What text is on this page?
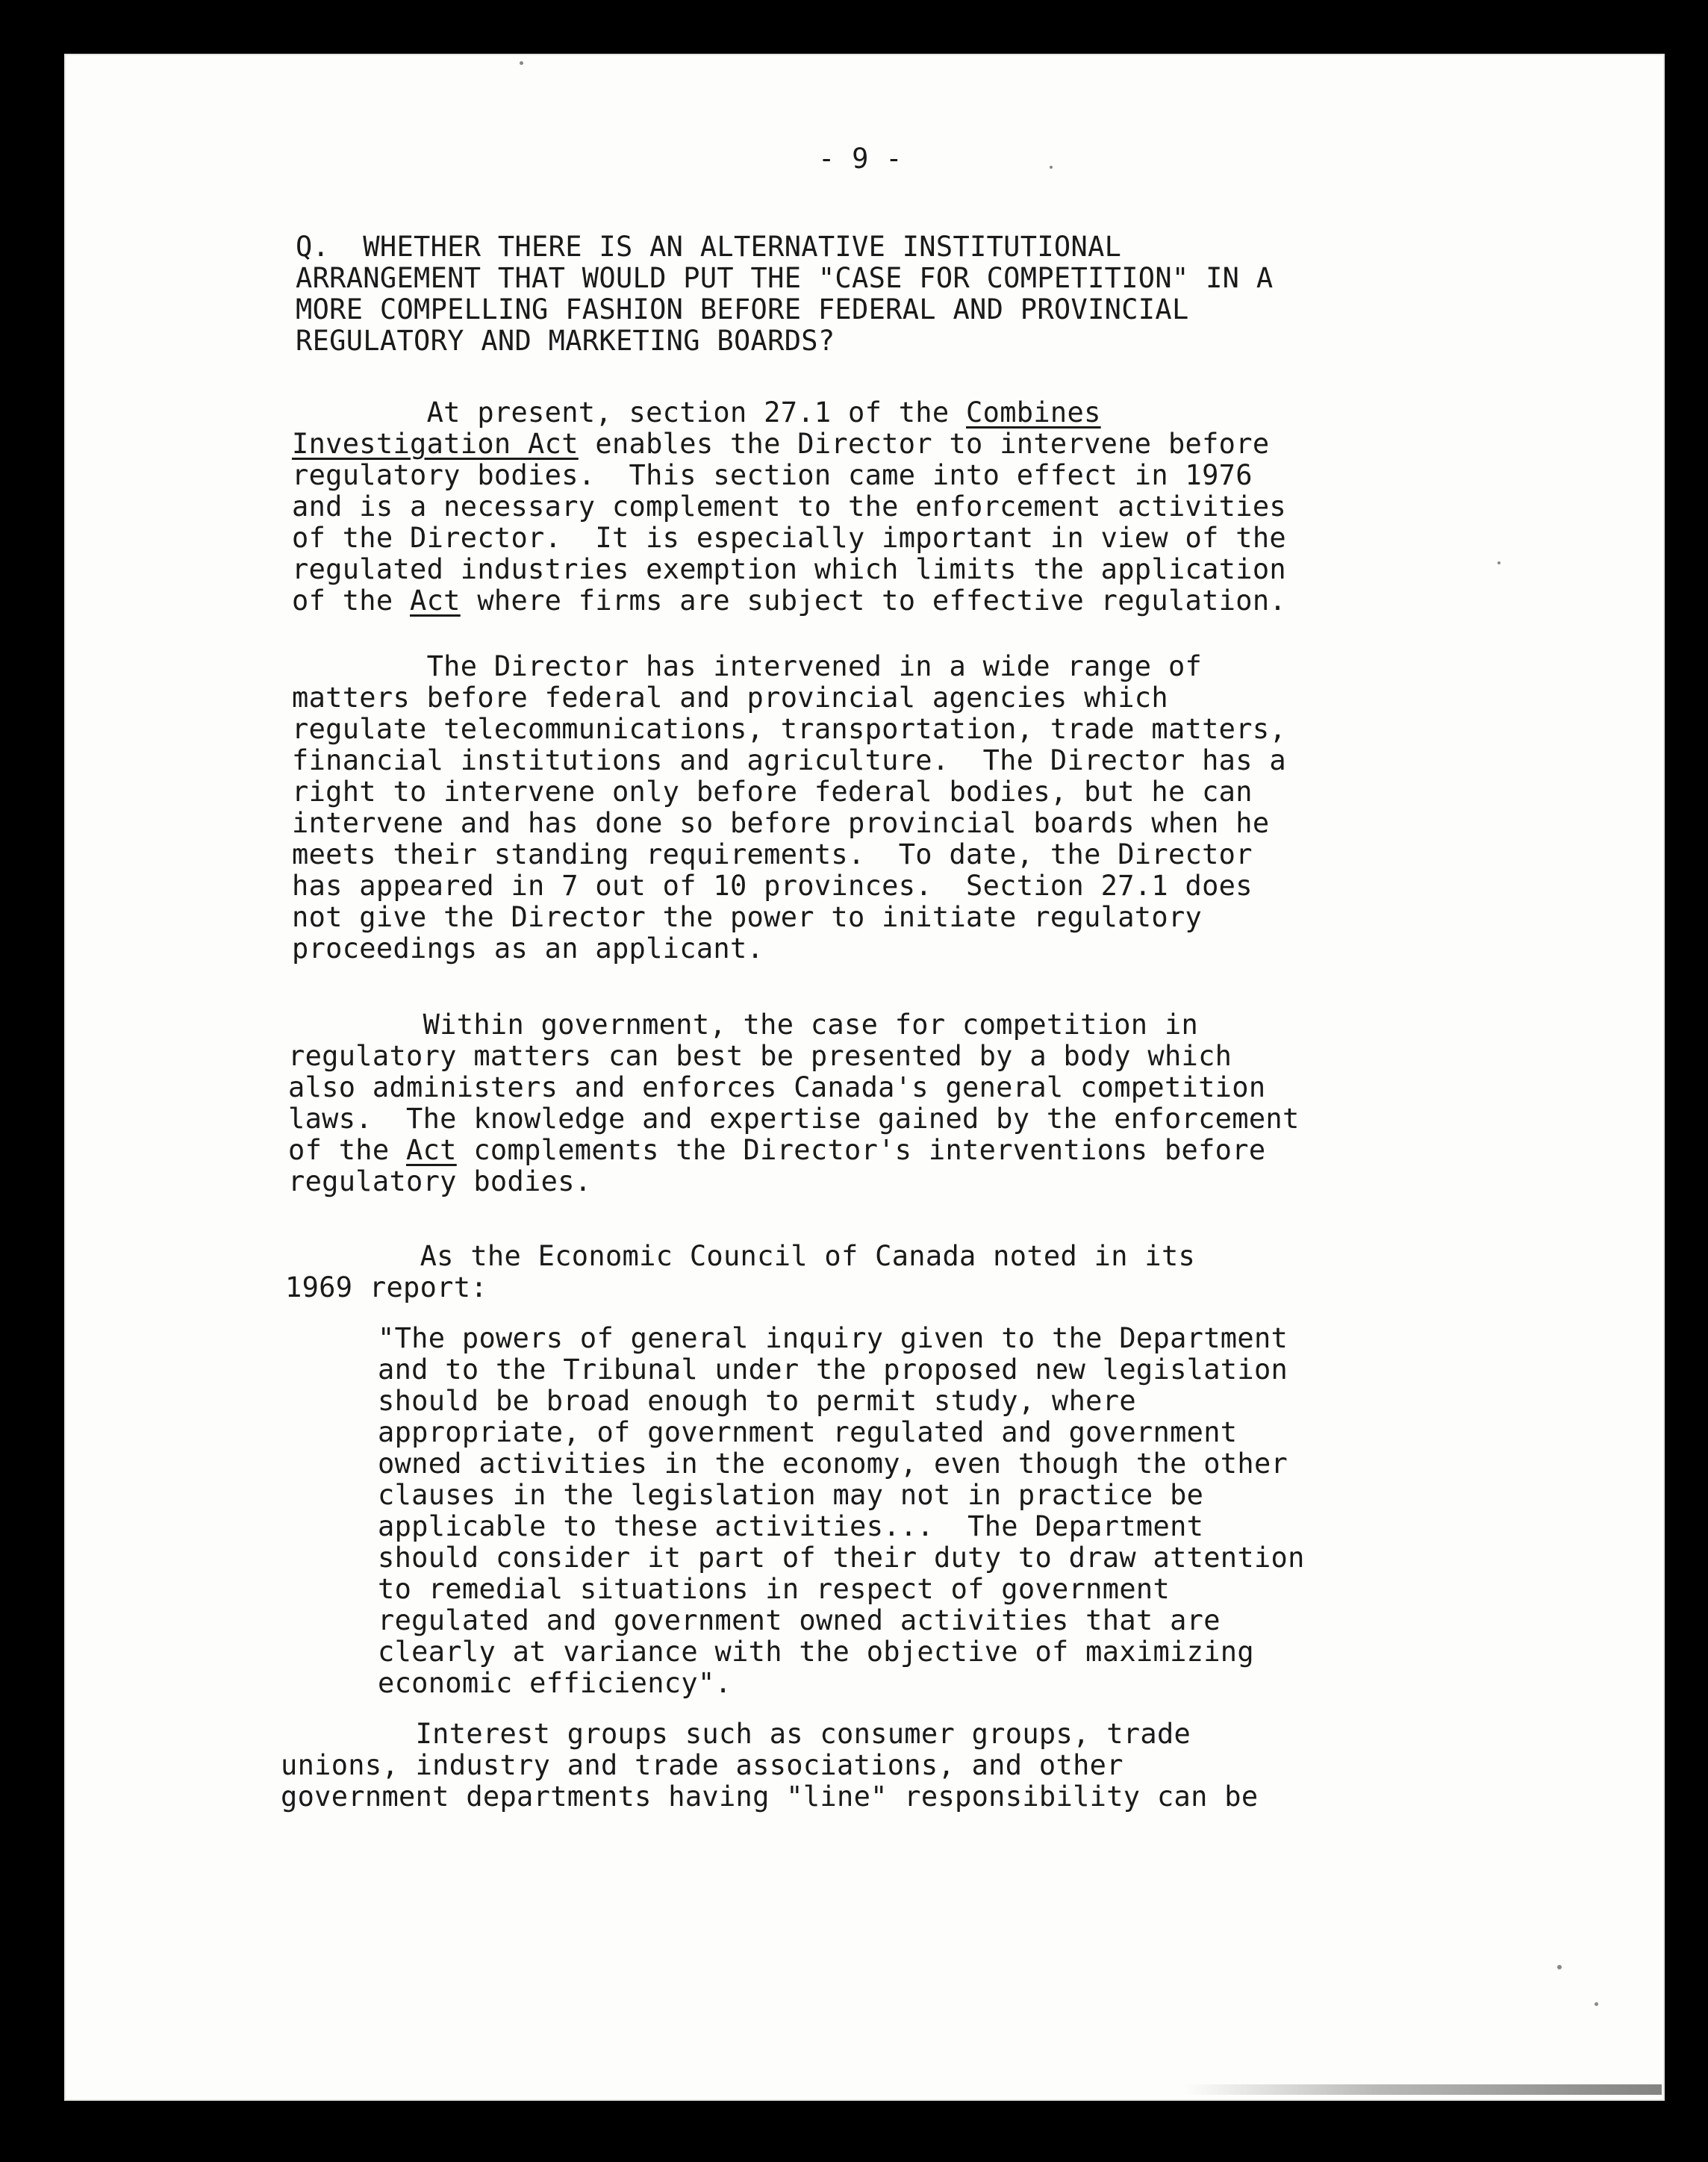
- 9 -
Q.  WHETHER THERE IS AN ALTERNATIVE INSTITUTIONAL
ARRANGEMENT THAT WOULD PUT THE "CASE FOR COMPETITION" IN A
MORE COMPELLING FASHION BEFORE FEDERAL AND PROVINCIAL
REGULATORY AND MARKETING BOARDS?
At present, section 27.1 of the Combines
Investigation Act enables the Director to intervene before
regulatory bodies.  This section came into effect in 1976
and is a necessary complement to the enforcement activities
of the Director.  It is especially important in view of the
regulated industries exemption which limits the application
of the Act where firms are subject to effective regulation.
The Director has intervened in a wide range of
matters before federal and provincial agencies which
regulate telecommunications, transportation, trade matters,
financial institutions and agriculture.  The Director has a
right to intervene only before federal bodies, but he can
intervene and has done so before provincial boards when he
meets their standing requirements.  To date, the Director
has appeared in 7 out of 10 provinces.  Section 27.1 does
not give the Director the power to initiate regulatory
proceedings as an applicant.
Within government, the case for competition in
regulatory matters can best be presented by a body which
also administers and enforces Canada's general competition
laws.  The knowledge and expertise gained by the enforcement
of the Act complements the Director's interventions before
regulatory bodies.
As the Economic Council of Canada noted in its
1969 report:
"The powers of general inquiry given to the Department
and to the Tribunal under the proposed new legislation
should be broad enough to permit study, where
appropriate, of government regulated and government
owned activities in the economy, even though the other
clauses in the legislation may not in practice be
applicable to these activities...  The Department
should consider it part of their duty to draw attention
to remedial situations in respect of government
regulated and government owned activities that are
clearly at variance with the objective of maximizing
economic efficiency".
Interest groups such as consumer groups, trade
unions, industry and trade associations, and other
government departments having "line" responsibility can be
